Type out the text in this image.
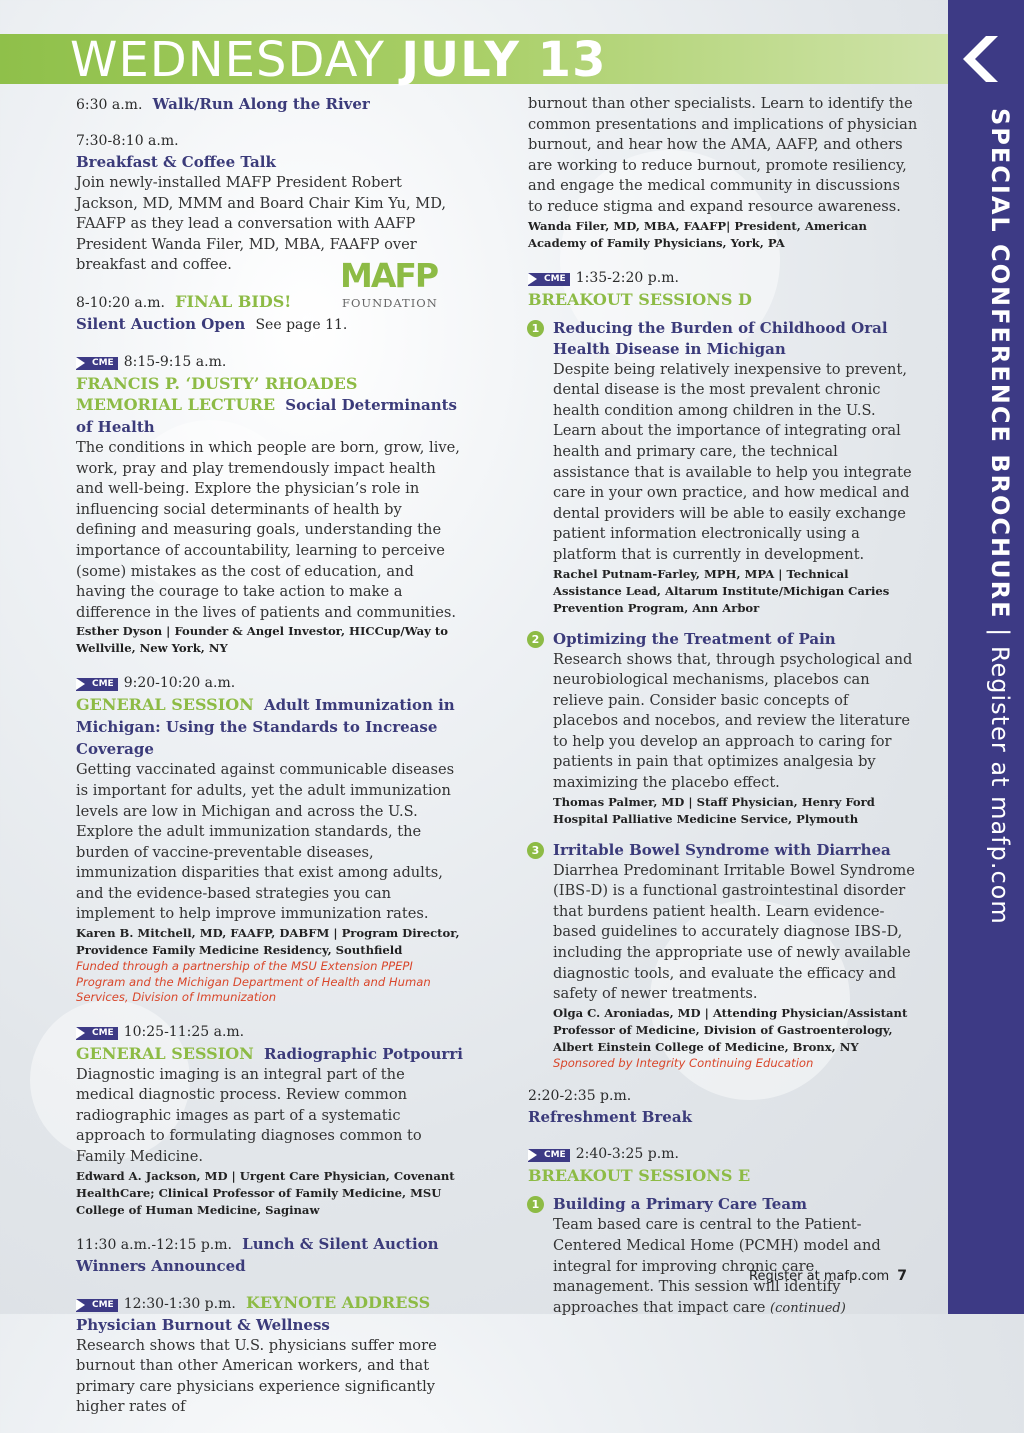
WEDNESDAY JULY 13
SPECIAL CONFERENCE BROCHURE | Register at mafp.com
MAFP
FOUNDATION
6:30 a.m. Walk/Run Along the River
7:30-8:10 a.m.
Breakfast & Coffee Talk
Join newly-installed MAFP President Robert Jackson, MD, MMM and Board Chair Kim Yu, MD, FAAFP as they lead a conversation with AAFP President Wanda Filer, MD, MBA, FAAFP over breakfast and coffee.
8-10:20 a.m. FINAL BIDS!
Silent Auction Open See page 11.
CME 8:15-9:15 a.m.
FRANCIS P. ‘DUSTY’ RHOADES MEMORIAL LECTURE Social Determinants of Health
The conditions in which people are born, grow, live, work, pray and play tremendously impact health and well-being. Explore the physician’s role in influencing social determinants of health by defining and measuring goals, understanding the importance of accountability, learning to perceive (some) mistakes as the cost of education, and having the courage to take action to make a difference in the lives of patients and communities.
Esther Dyson | Founder & Angel Investor, HICCup/Way to Wellville, New York, NY
CME 9:20-10:20 a.m.
GENERAL SESSION Adult Immunization in Michigan: Using the Standards to Increase Coverage
Getting vaccinated against communicable diseases is important for adults, yet the adult immunization levels are low in Michigan and across the U.S. Explore the adult immunization standards, the burden of vaccine-preventable diseases, immunization disparities that exist among adults, and the evidence-based strategies you can implement to help improve immunization rates.
Karen B. Mitchell, MD, FAAFP, DABFM | Program Director, Providence Family Medicine Residency, Southfield
Funded through a partnership of the MSU Extension PPEPI Program and the Michigan Department of Health and Human Services, Division of Immunization
CME 10:25-11:25 a.m.
GENERAL SESSION Radiographic Potpourri
Diagnostic imaging is an integral part of the medical diagnostic process. Review common radiographic images as part of a systematic approach to formulating diagnoses common to Family Medicine.
Edward A. Jackson, MD | Urgent Care Physician, Covenant HealthCare; Clinical Professor of Family Medicine, MSU College of Human Medicine, Saginaw
11:30 a.m.-12:15 p.m. Lunch & Silent Auction Winners Announced
CME 12:30-1:30 p.m. KEYNOTE ADDRESS
Physician Burnout & Wellness
Research shows that U.S. physicians suffer more burnout than other American workers, and that primary care physicians experience significantly higher rates of
burnout than other specialists. Learn to identify the common presentations and implications of physician burnout, and hear how the AMA, AAFP, and others are working to reduce burnout, promote resiliency, and engage the medical community in discussions to reduce stigma and expand resource awareness.
Wanda Filer, MD, MBA, FAAFP| President, American Academy of Family Physicians, York, PA
CME 1:35-2:20 p.m.
BREAKOUT SESSIONS D
1 Reducing the Burden of Childhood Oral Health Disease in Michigan
Despite being relatively inexpensive to prevent, dental disease is the most prevalent chronic health condition among children in the U.S. Learn about the importance of integrating oral health and primary care, the technical assistance that is available to help you integrate care in your own practice, and how medical and dental providers will be able to easily exchange patient information electronically using a platform that is currently in development.
Rachel Putnam-Farley, MPH, MPA | Technical Assistance Lead, Altarum Institute/Michigan Caries Prevention Program, Ann Arbor
2 Optimizing the Treatment of Pain
Research shows that, through psychological and neurobiological mechanisms, placebos can relieve pain. Consider basic concepts of placebos and nocebos, and review the literature to help you develop an approach to caring for patients in pain that optimizes analgesia by maximizing the placebo effect.
Thomas Palmer, MD | Staff Physician, Henry Ford Hospital Palliative Medicine Service, Plymouth
3 Irritable Bowel Syndrome with Diarrhea
Diarrhea Predominant Irritable Bowel Syndrome (IBS-D) is a functional gastrointestinal disorder that burdens patient health. Learn evidence-based guidelines to accurately diagnose IBS-D, including the appropriate use of newly available diagnostic tools, and evaluate the efficacy and safety of newer treatments.
Olga C. Aroniadas, MD | Attending Physician/Assistant Professor of Medicine, Division of Gastroenterology, Albert Einstein College of Medicine, Bronx, NY
Sponsored by Integrity Continuing Education
2:20-2:35 p.m.
Refreshment Break
CME 2:40-3:25 p.m.
BREAKOUT SESSIONS E
1 Building a Primary Care Team
Team based care is central to the Patient-Centered Medical Home (PCMH) model and integral for improving chronic care management. This session will identify approaches that impact care (continued)
Register at mafp.com 7
